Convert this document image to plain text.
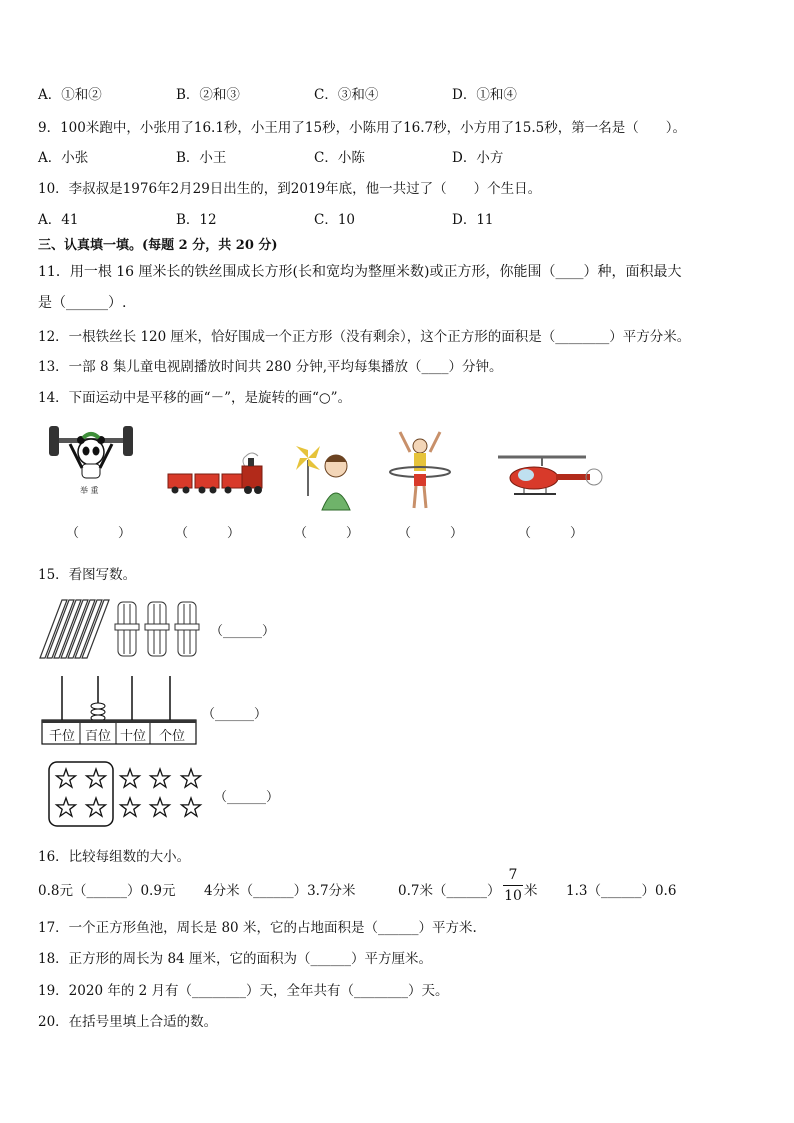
A．①和②	B．②和③	C．③和④	D．①和④
9．100米跑中，小张用了16.1秒，小王用了15秒，小陈用了16.7秒，小方用了15.5秒，第一名是（　　）。
A．小张	B．小王	C．小陈	D．小方
10．李叔叔是1976年2月29日出生的，到2019年底，他一共过了（　　）个生日。
A．41	B．12	C．10	D．11
三、认真填一填。(每题 2 分，共 20 分)
11．用一根 16 厘米长的铁丝围成长方形(长和宽均为整厘米数)或正方形，你能围（____）种，面积最大
是（______）.
12．一根铁丝长 120 厘米，恰好围成一个正方形（没有剩余），这个正方形的面积是（________）平方分米。
13．一部 8 集儿童电视剧播放时间共 280 分钟,平均每集播放（____）分钟。
14．下面运动中是平移的画“－”，是旋转的画“○”。
举 重
（　　　）	（　　　）	（　　　）	（　　　）	（　　　）
15．看图写数。
（______）
千位 百位 十位 个位
（______）
（______）
16．比较每组数的大小。
0.8元（______）0.9元 4分米（______）3.7分米	0.7米（______）
7
10 米 1.3（______）0.6
17．一个正方形鱼池，周长是 80 米，它的占地面积是（______）平方米.
18．正方形的周长为 84 厘米，它的面积为（______）平方厘米。
19．2020 年的 2 月有（________）天，全年共有（________）天。
20．在括号里填上合适的数。
